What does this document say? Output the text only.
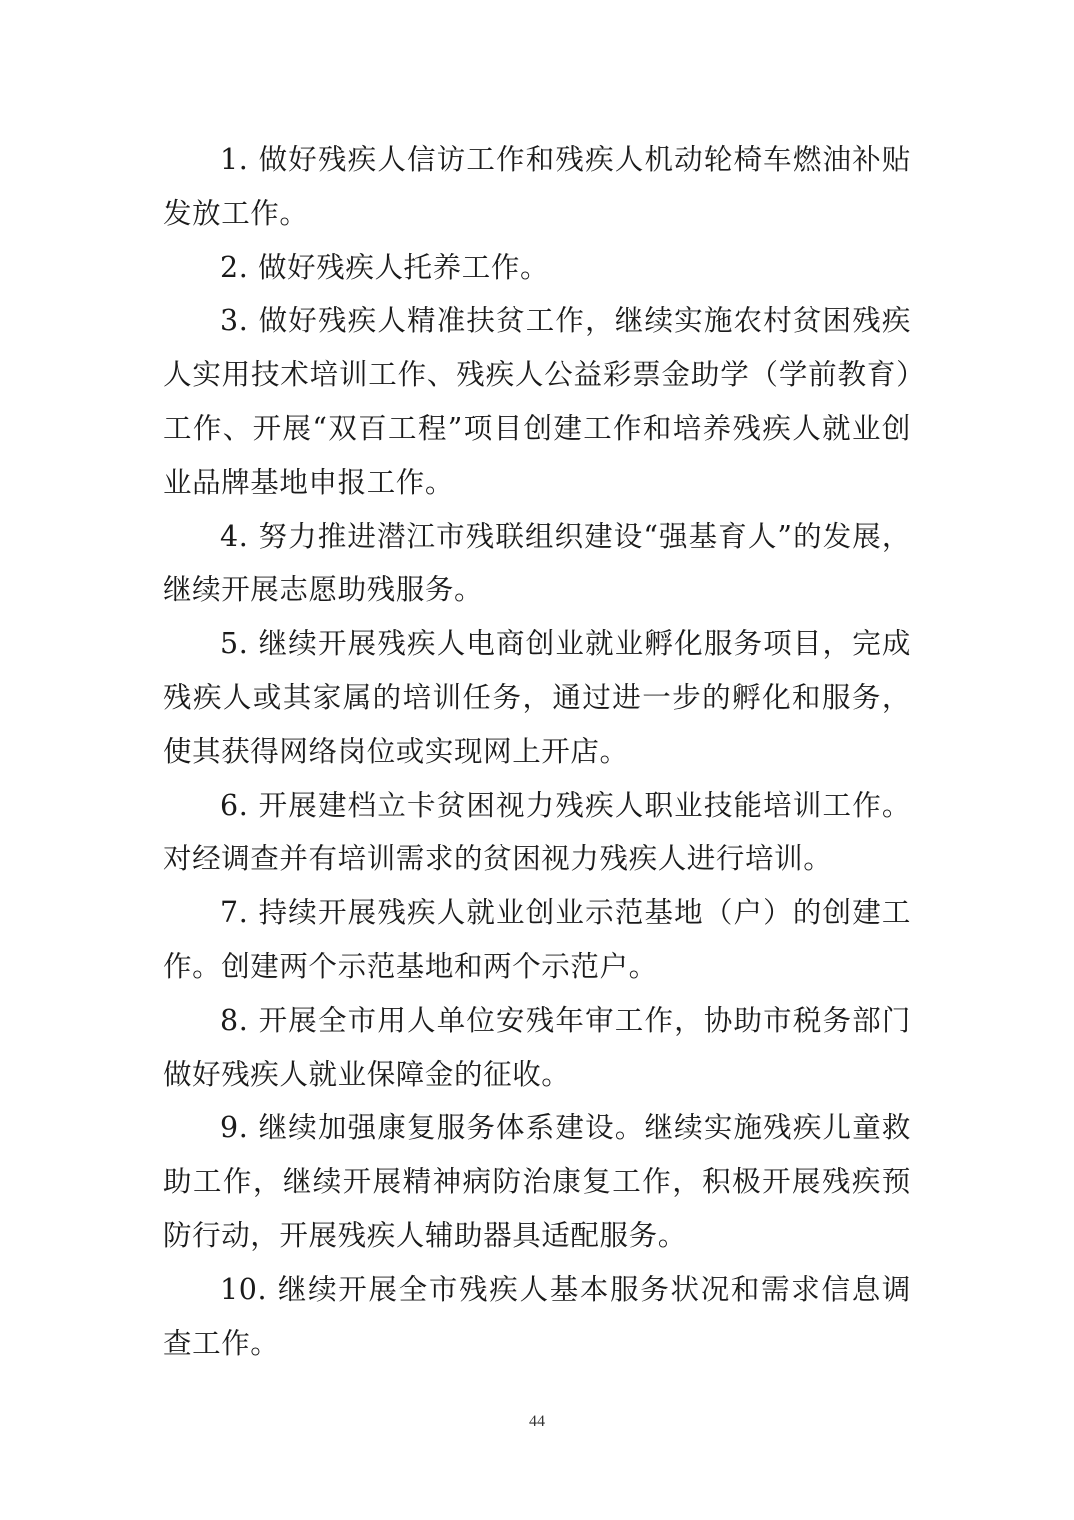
1. 做好残疾人信访工作和残疾人机动轮椅车燃油补贴发放工作。

2. 做好残疾人托养工作。

3. 做好残疾人精准扶贫工作，继续实施农村贫困残疾人实用技术培训工作、残疾人公益彩票金助学（学前教育）工作、开展“双百工程”项目创建工作和培养残疾人就业创业品牌基地申报工作。

4. 努力推进潜江市残联组织建设“强基育人”的发展，继续开展志愿助残服务。

5. 继续开展残疾人电商创业就业孵化服务项目，完成残疾人或其家属的培训任务，通过进一步的孵化和服务，使其获得网络岗位或实现网上开店。

6. 开展建档立卡贫困视力残疾人职业技能培训工作。对经调查并有培训需求的贫困视力残疾人进行培训。

7. 持续开展残疾人就业创业示范基地（户）的创建工作。创建两个示范基地和两个示范户。

8. 开展全市用人单位安残年审工作，协助市税务部门做好残疾人就业保障金的征收。

9. 继续加强康复服务体系建设。继续实施残疾儿童救助工作，继续开展精神病防治康复工作，积极开展残疾预防行动，开展残疾人辅助器具适配服务。

10. 继续开展全市残疾人基本服务状况和需求信息调查工作。

44
